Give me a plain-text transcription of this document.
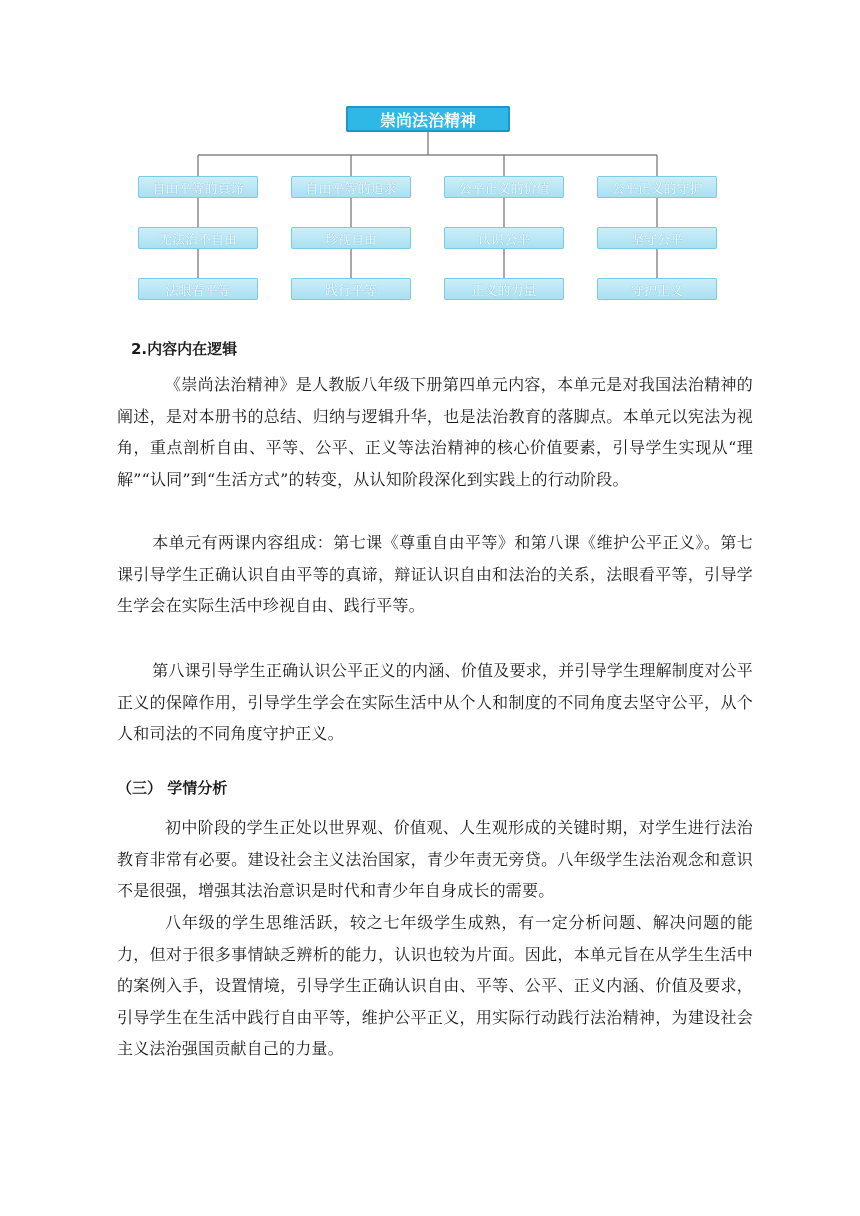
崇尚法治精神
自由平等的真谛	自由平等的追求	公平正义的价值	公平正义的守护
无法治不自由	珍视自由	认识公平	坚守公平
法眼看平等	践行平等	正义的力量	守护正义
2.内容内在逻辑

《崇尚法治精神》是人教版八年级下册第四单元内容，本单元是对我国法治精神的阐述，是对本册书的总结、归纳与逻辑升华，也是法治教育的落脚点。本单元以宪法为视角，重点剖析自由、平等、公平、正义等法治精神的核心价值要素，引导学生实现从“理解”“认同”到“生活方式”的转变，从认知阶段深化到实践上的行动阶段。

本单元有两课内容组成：第七课《尊重自由平等》和第八课《维护公平正义》。第七课引导学生正确认识自由平等的真谛，辩证认识自由和法治的关系，法眼看平等，引导学生学会在实际生活中珍视自由、践行平等。

第八课引导学生正确认识公平正义的内涵、价值及要求，并引导学生理解制度对公平正义的保障作用，引导学生学会在实际生活中从个人和制度的不同角度去坚守公平，从个人和司法的不同角度守护正义。

（三） 学情分析

初中阶段的学生正处以世界观、价值观、人生观形成的关键时期，对学生进行法治教育非常有必要。建设社会主义法治国家，青少年责无旁贷。八年级学生法治观念和意识不是很强，增强其法治意识是时代和青少年自身成长的需要。

八年级的学生思维活跃，较之七年级学生成熟，有一定分析问题、解决问题的能力，但对于很多事情缺乏辨析的能力，认识也较为片面。因此，本单元旨在从学生生活中的案例入手，设置情境，引导学生正确认识自由、平等、公平、正义内涵、价值及要求，引导学生在生活中践行自由平等，维护公平正义，用实际行动践行法治精神，为建设社会主义法治强国贡献自己的力量。
